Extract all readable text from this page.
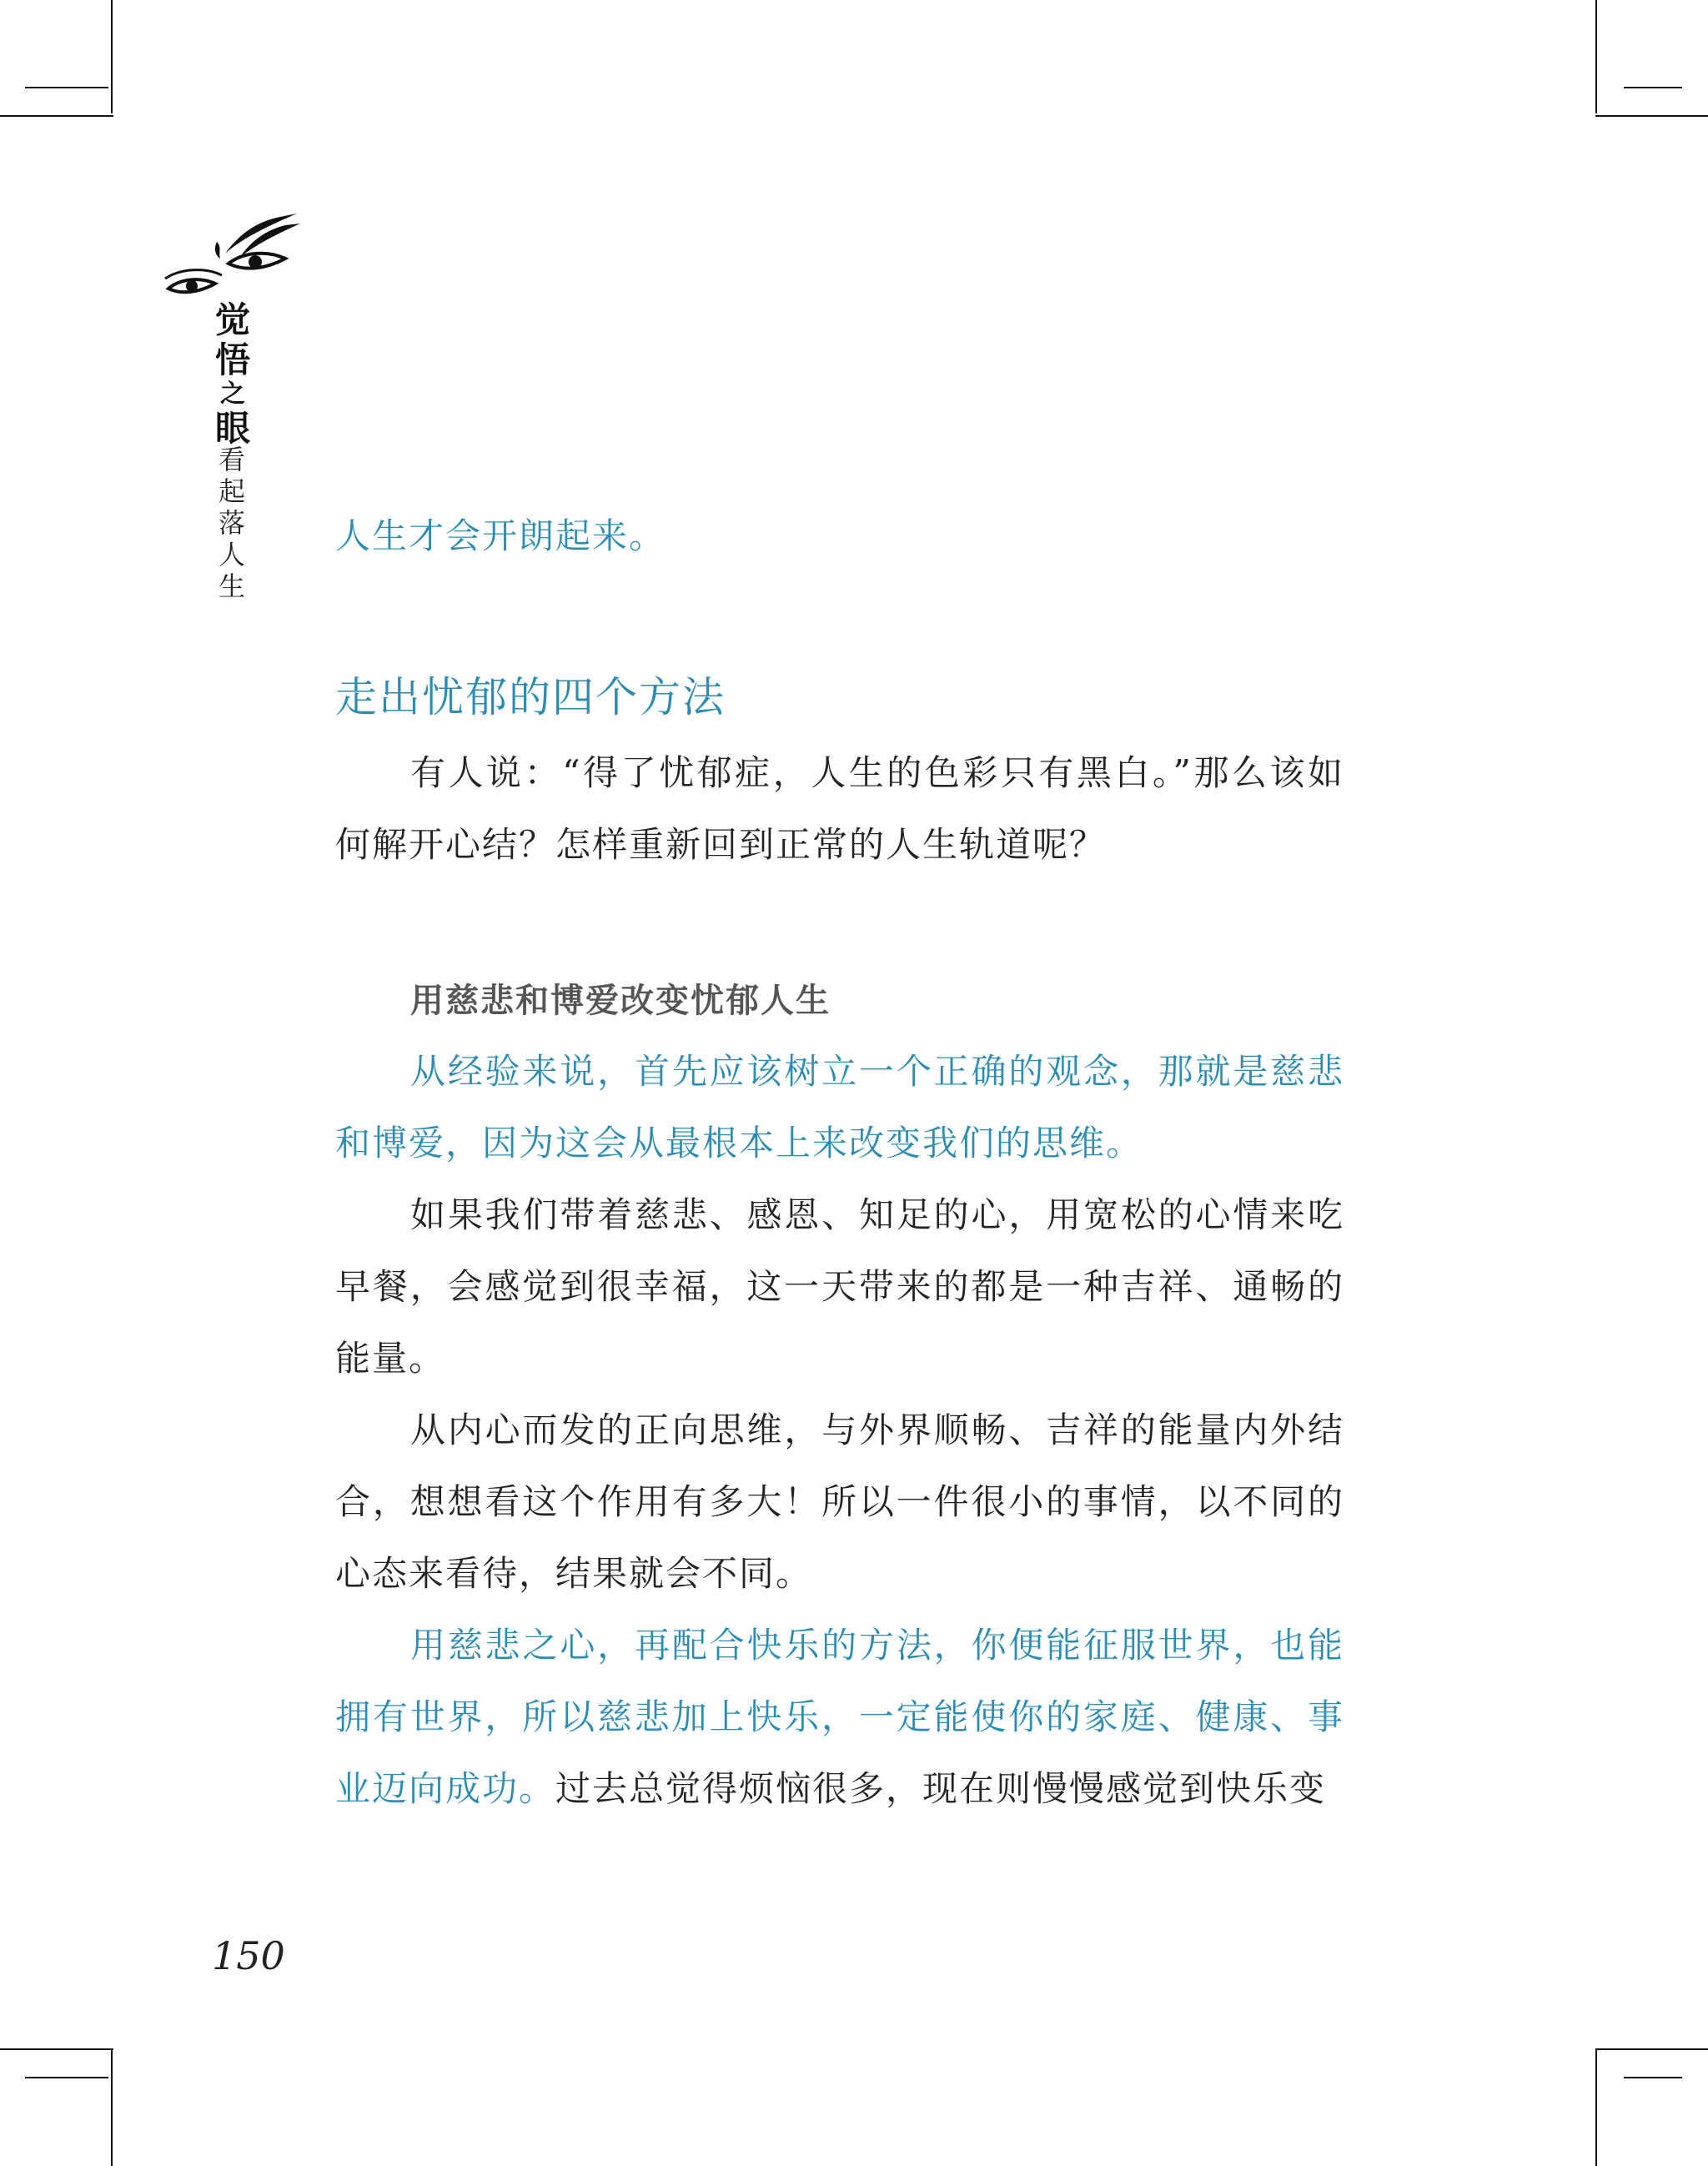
觉悟
之
眼
看起落人生

人生才会开朗起来。

走出忧郁的四个方法

有人说：“得了忧郁症，人生的色彩只有黑白。”那么该如何解开心结？怎样重新回到正常的人生轨道呢？

用慈悲和博爱改变忧郁人生

从经验来说，首先应该树立一个正确的观念，那就是慈悲和博爱，因为这会从最根本上来改变我们的思维。

如果我们带着慈悲、感恩、知足的心，用宽松的心情来吃早餐，会感觉到很幸福，这一天带来的都是一种吉祥、通畅的能量。

从内心而发的正向思维，与外界顺畅、吉祥的能量内外结合，想想看这个作用有多大！所以一件很小的事情，以不同的心态来看待，结果就会不同。

用慈悲之心，再配合快乐的方法，你便能征服世界，也能拥有世界，所以慈悲加上快乐，一定能使你的家庭、健康、事业迈向成功。过去总觉得烦恼很多，现在则慢慢感觉到快乐变

150
